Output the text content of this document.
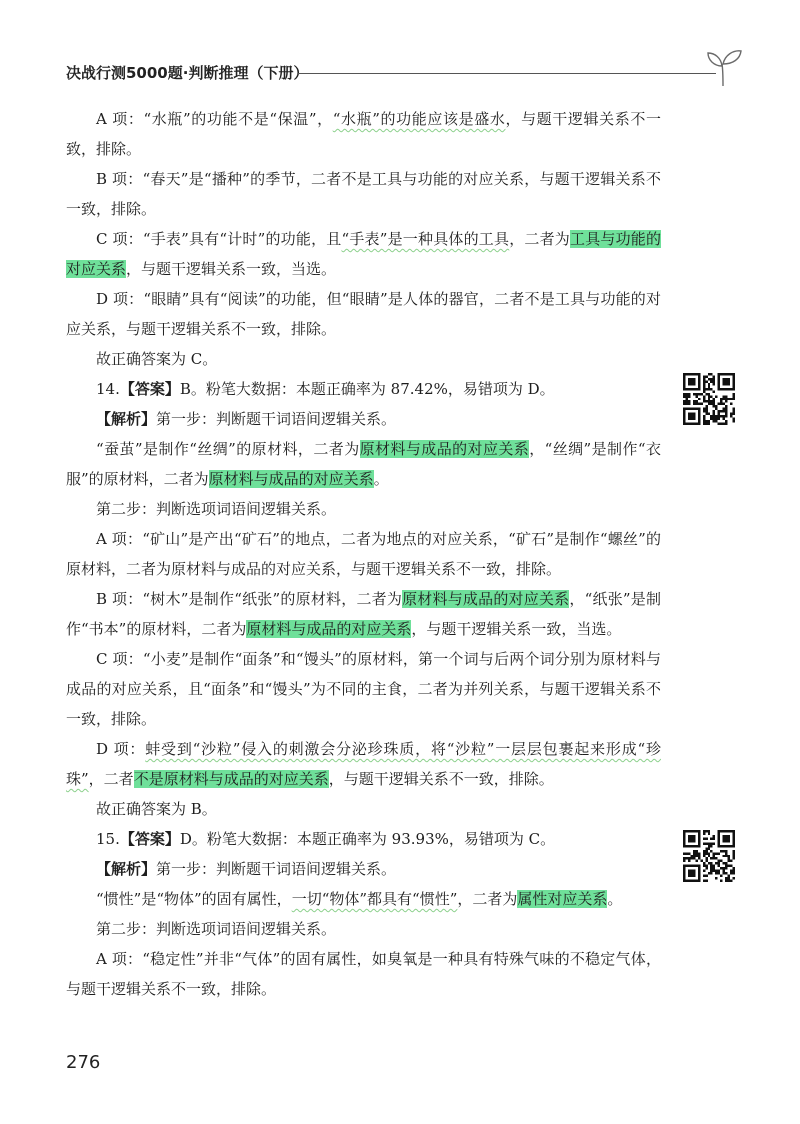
决战行测5000题·判断推理（下册）

A 项：“水瓶”的功能不是“保温”，“水瓶”的功能应该是盛水，与题干逻辑关系不一致，排除。

B 项：“春天”是“播种”的季节，二者不是工具与功能的对应关系，与题干逻辑关系不一致，排除。

C 项：“手表”具有“计时”的功能，且“手表”是一种具体的工具，二者为工具与功能的对应关系，与题干逻辑关系一致，当选。

D 项：“眼睛”具有“阅读”的功能，但“眼睛”是人体的器官，二者不是工具与功能的对应关系，与题干逻辑关系不一致，排除。

故正确答案为 C。

14.【答案】B。粉笔大数据：本题正确率为 87.42%，易错项为 D。

【解析】第一步：判断题干词语间逻辑关系。

“蚕茧”是制作“丝绸”的原材料，二者为原材料与成品的对应关系，“丝绸”是制作“衣服”的原材料，二者为原材料与成品的对应关系。

第二步：判断选项词语间逻辑关系。

A 项：“矿山”是产出“矿石”的地点，二者为地点的对应关系，“矿石”是制作“螺丝”的原材料，二者为原材料与成品的对应关系，与题干逻辑关系不一致，排除。

B 项：“树木”是制作“纸张”的原材料，二者为原材料与成品的对应关系，“纸张”是制作“书本”的原材料，二者为原材料与成品的对应关系，与题干逻辑关系一致，当选。

C 项：“小麦”是制作“面条”和“馒头”的原材料，第一个词与后两个词分别为原材料与成品的对应关系，且“面条”和“馒头”为不同的主食，二者为并列关系，与题干逻辑关系不一致，排除。

D 项：蚌受到“沙粒”侵入的刺激会分泌珍珠质，将“沙粒”一层层包裹起来形成“珍珠”，二者不是原材料与成品的对应关系，与题干逻辑关系不一致，排除。

故正确答案为 B。

15.【答案】D。粉笔大数据：本题正确率为 93.93%，易错项为 C。

【解析】第一步：判断题干词语间逻辑关系。

“惯性”是“物体”的固有属性，一切“物体”都具有“惯性”，二者为属性对应关系。

第二步：判断选项词语间逻辑关系。

A 项：“稳定性”并非“气体”的固有属性，如臭氧是一种具有特殊气味的不稳定气体，与题干逻辑关系不一致，排除。

276
